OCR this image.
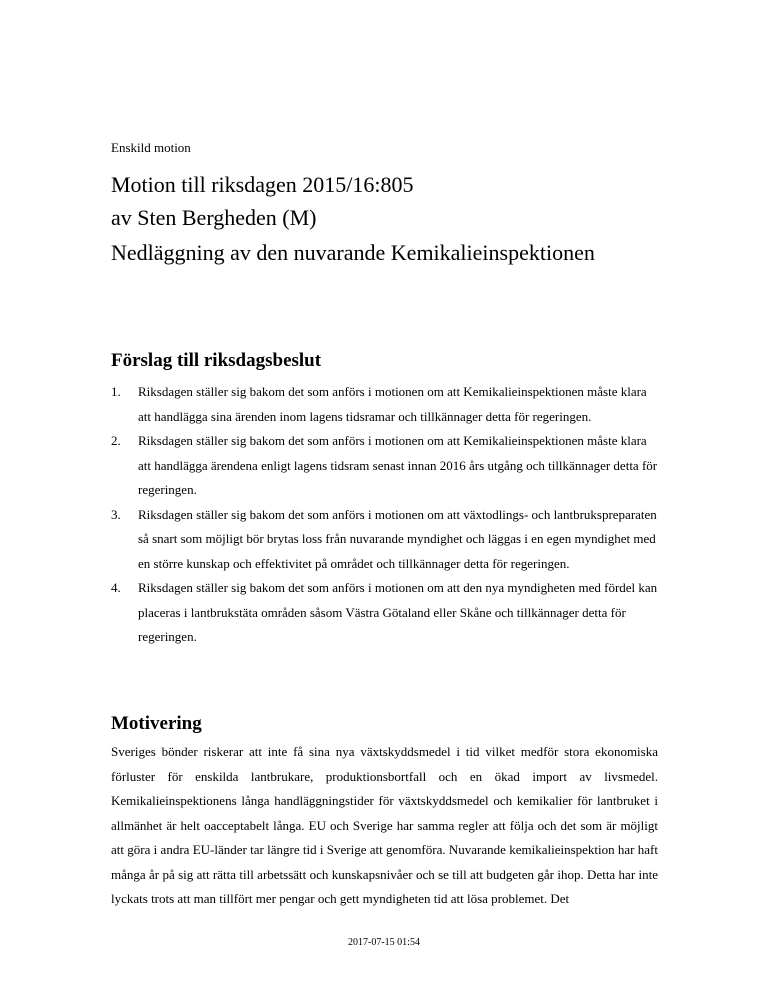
Enskild motion
Motion till riksdagen 2015/16:805
av Sten Bergheden (M)
Nedläggning av den nuvarande Kemikalieinspektionen
Förslag till riksdagsbeslut
1. Riksdagen ställer sig bakom det som anförs i motionen om att Kemikalieinspektionen måste klara att handlägga sina ärenden inom lagens tidsramar och tillkännager detta för regeringen.
2. Riksdagen ställer sig bakom det som anförs i motionen om att Kemikalieinspektionen måste klara att handlägga ärendena enligt lagens tidsram senast innan 2016 års utgång och tillkännager detta för regeringen.
3. Riksdagen ställer sig bakom det som anförs i motionen om att växtodlings- och lantbrukspreparaten så snart som möjligt bör brytas loss från nuvarande myndighet och läggas i en egen myndighet med en större kunskap och effektivitet på området och tillkännager detta för regeringen.
4. Riksdagen ställer sig bakom det som anförs i motionen om att den nya myndigheten med fördel kan placeras i lantbrukstäta områden såsom Västra Götaland eller Skåne och tillkännager detta för regeringen.
Motivering

Sveriges bönder riskerar att inte få sina nya växtskyddsmedel i tid vilket medför stora ekonomiska förluster för enskilda lantbrukare, produktionsbortfall och en ökad import av livsmedel. Kemikalieinspektionens långa handläggningstider för växtskyddsmedel och kemikalier för lantbruket i allmänhet är helt oacceptabelt långa. EU och Sverige har samma regler att följa och det som är möjligt att göra i andra EU-länder tar längre tid i Sverige att genomföra. Nuvarande kemikalieinspektion har haft många år på sig att rätta till arbetssätt och kunskapsnivåer och se till att budgeten går ihop. Detta har inte lyckats trots att man tillfört mer pengar och gett myndigheten tid att lösa problemet. Det

2017-07-15 01:54
